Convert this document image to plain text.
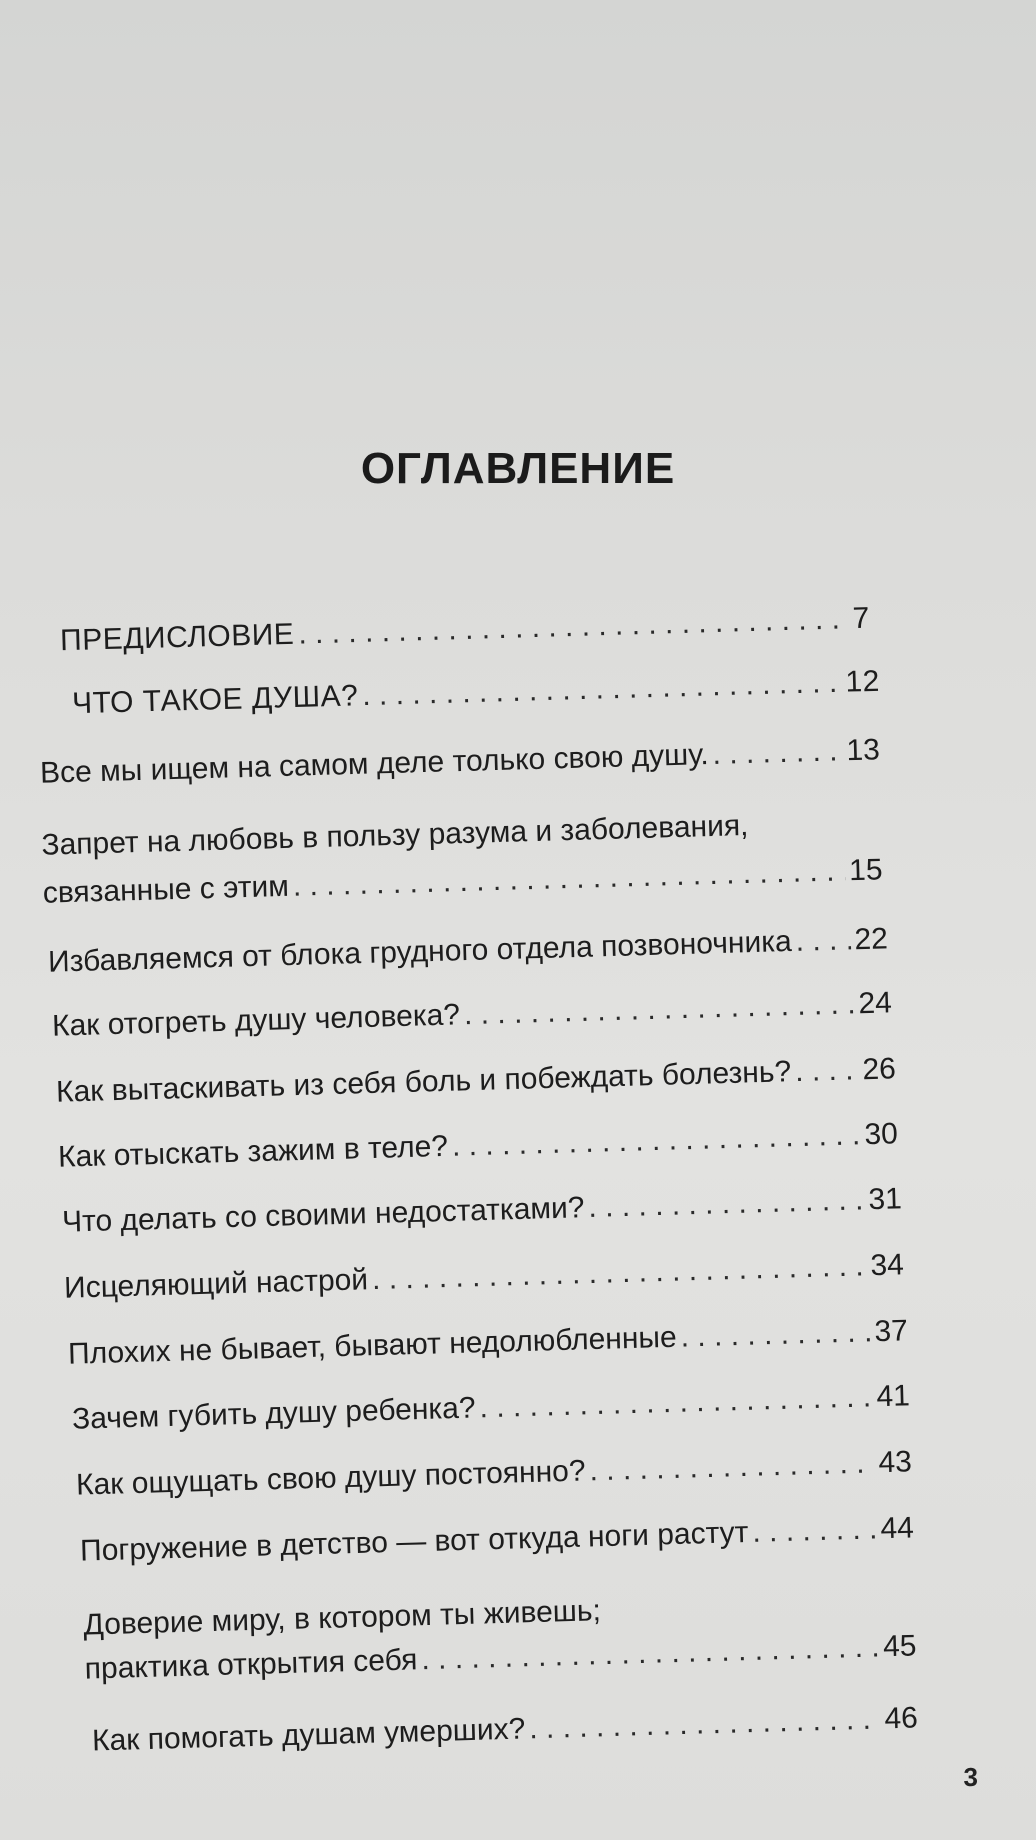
ОГЛАВЛЕНИЕ
ПРЕДИСЛОВИЕ . . .	7
ЧТО ТАКОЕ ДУША? . . .	12
Все мы ищем на самом деле только свою душу. . . .	13
Запрет на любовь в пользу разума и заболевания,
связанные с этим . . .	15
Избавляемся от блока грудного отдела позвоночника . . . 22
Как отогреть душу человека? . . .	24
Как вытаскивать из себя боль и побеждать болезнь? . . . 26
Как отыскать зажим в теле? . . .	30
Что делать со своими недостатками? . . .	31
Исцеляющий настрой . . .	34
Плохих не бывает, бывают недолюбленные . . .	37
Зачем губить душу ребенка? . . .	41
Как ощущать свою душу постоянно? . . .	43
Погружение в детство — вот откуда ноги растут . . .	44
Доверие миру, в котором ты живешь;
практика открытия себя . . .	45
Как помогать душам умерших? . . .	46
3
